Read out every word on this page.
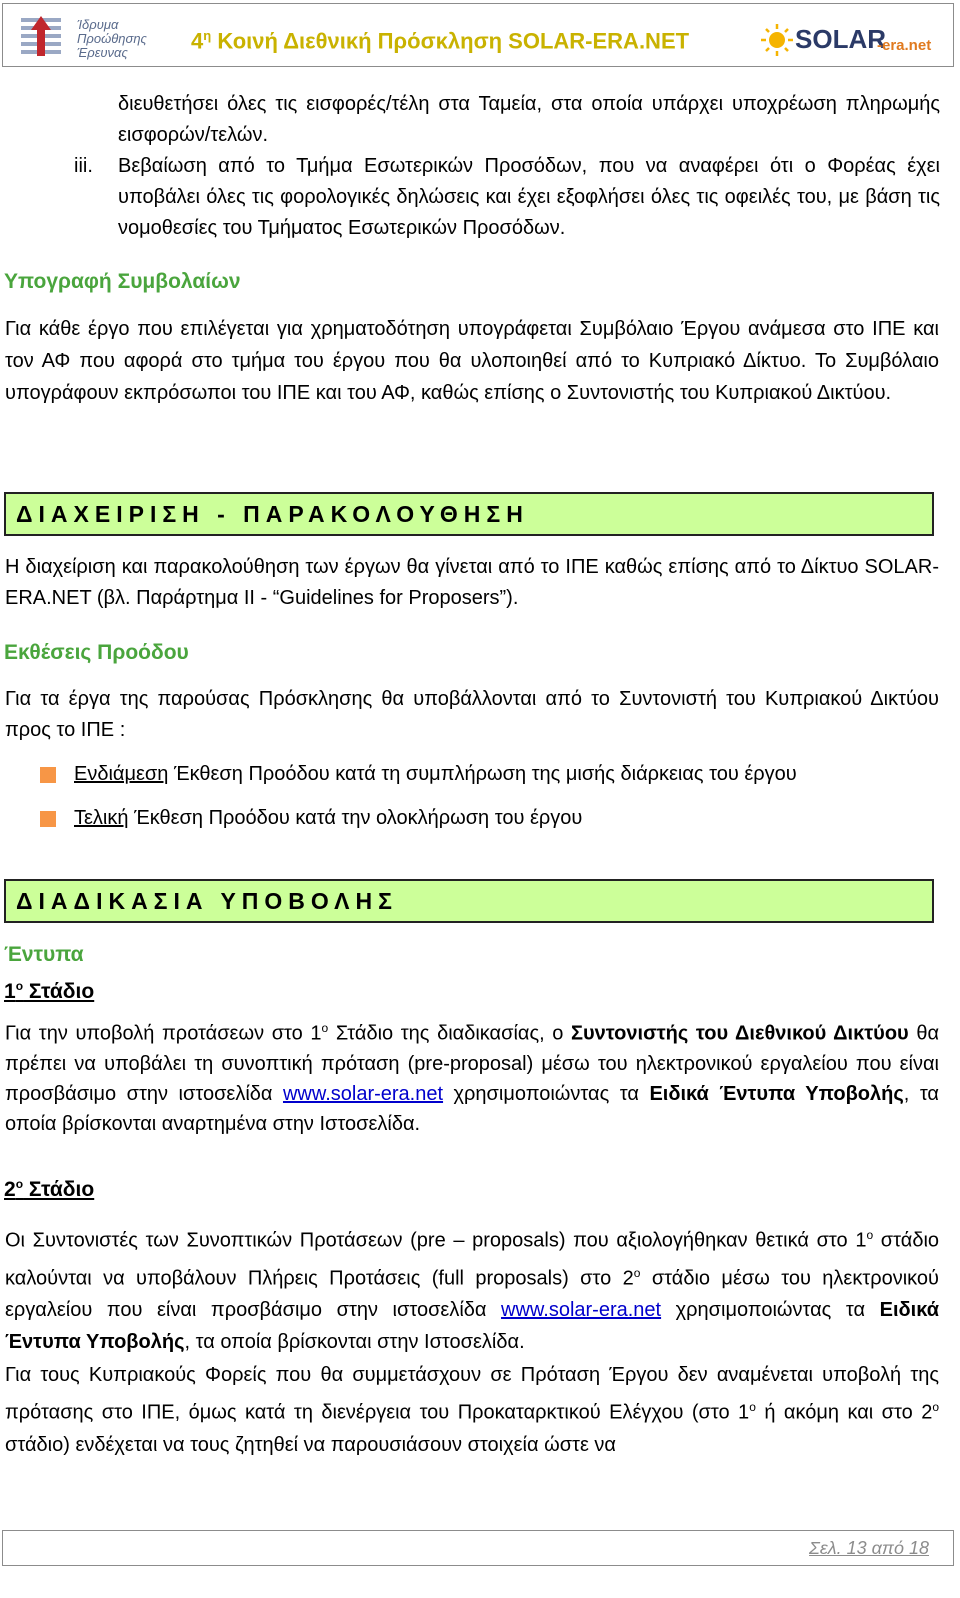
Ίδρυμα
Προώθησης
Έρευνας	$4^\eta$ Κοινή Διεθνική Πρόσκληση SOLAR-ERA.NET	SOLAR
-era.net
διευθετήσει όλες τις εισφορές/τέλη στα Ταμεία, στα οποία υπάρχει υποχρέωση πληρωμής εισφορών/τελών.
iii. Βεβαίωση από το Τμήμα Εσωτερικών Προσόδων, που να αναφέρει ότι ο Φορέας έχει υποβάλει όλες τις φορολογικές δηλώσεις και έχει εξοφλήσει όλες τις οφειλές του, με βάση τις νομοθεσίες του Τμήματος Εσωτερικών Προσόδων.
Υπογραφή Συμβολαίων
Για κάθε έργο που επιλέγεται για χρηματοδότηση υπογράφεται Συμβόλαιο Έργου ανάμεσα στο ΙΠΕ και τον ΑΦ που αφορά στο τμήμα του έργου που θα υλοποιηθεί από το Κυπριακό Δίκτυο. Το Συμβόλαιο υπογράφουν εκπρόσωποι του ΙΠΕ και του ΑΦ, καθώς επίσης ο Συντονιστής του Κυπριακού Δικτύου.
ΔΙΑΧΕΙΡΙΣΗ - ΠΑΡΑΚΟΛΟΥΘΗΣΗ
Η διαχείριση και παρακολούθηση των έργων θα γίνεται από το ΙΠΕ καθώς επίσης από το Δίκτυο SOLAR-ERA.NET (βλ. Παράρτημα ΙΙ - “Guidelines for Proposers”).
Εκθέσεις Προόδου
Για τα έργα της παρούσας Πρόσκλησης θα υποβάλλονται από το Συντονιστή του Κυπριακού Δικτύου προς το ΙΠΕ :
Ενδιάμεση Έκθεση Προόδου κατά τη συμπλήρωση της μισής διάρκειας του έργου
Τελική Έκθεση Προόδου κατά την ολοκλήρωση του έργου
ΔΙΑΔΙΚΑΣΙΑ ΥΠΟΒΟΛΗΣ
Έντυπα
$1^o$ Στάδιο
Για την υποβολή προτάσεων στο $1^o$ Στάδιο της διαδικασίας, ο Συντονιστής του Διεθνικού Δικτύου θα πρέπει να υποβάλει τη συνοπτική πρόταση (pre-proposal) μέσω του ηλεκτρονικού εργαλείου που είναι προσβάσιμο στην ιστοσελίδα www.solar-era.net χρησιμοποιώντας τα Ειδικά Έντυπα Υποβολής, τα οποία βρίσκονται αναρτημένα στην Ιστοσελίδα.
$2^o$ Στάδιο
Οι Συντονιστές των Συνοπτικών Προτάσεων (pre – proposals) που αξιολογήθηκαν θετικά στο $1^o$ στάδιο καλούνται να υποβάλουν Πλήρεις Προτάσεις (full proposals) στο $2^o$ στάδιο μέσω του ηλεκτρονικού εργαλείου που είναι προσβάσιμο στην ιστοσελίδα www.solar-era.net χρησιμοποιώντας τα Ειδικά Έντυπα Υποβολής, τα οποία βρίσκονται στην Ιστοσελίδα.
Για τους Κυπριακούς Φορείς που θα συμμετάσχουν σε Πρόταση Έργου δεν αναμένεται υποβολή της πρότασης στο ΙΠΕ, όμως κατά τη διενέργεια του Προκαταρκτικού Ελέγχου (στο $1^o$ ή ακόμη και στο $2^o$ στάδιο) ενδέχεται να τους ζητηθεί να παρουσιάσουν στοιχεία ώστε να
Σελ. 13 από 18
